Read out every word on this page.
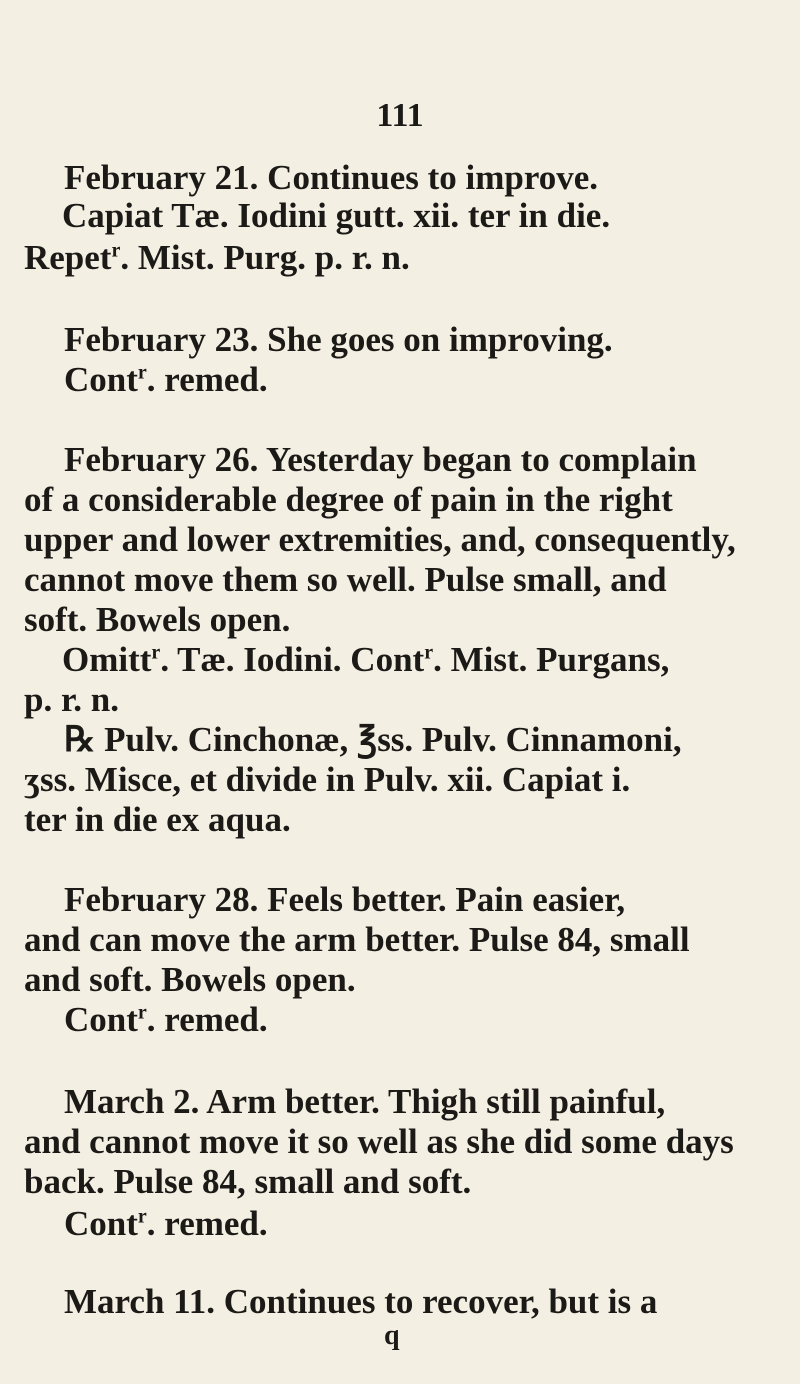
111
February 21. Continues to improve.
Capiat Tæ. Iodini gutt. xii. ter in die.
Repet$^r$. Mist. Purg. p. r. n.
February 23. She goes on improving.
Cont$^r$. remed.
February 26. Yesterday began to complain
of a considerable degree of pain in the right
upper and lower extremities, and, consequently,
cannot move them so well. Pulse small, and
soft. Bowels open.
Omitt$^r$. Tæ. Iodini. Cont$^r$. Mist. Purgans,
p. r. n.
℞ Pulv. Cinchonæ, ℥ss. Pulv. Cinnamoni,
ʒss. Misce, et divide in Pulv. xii. Capiat i.
ter in die ex aqua.
February 28. Feels better. Pain easier,
and can move the arm better. Pulse 84, small
and soft. Bowels open.
Cont$^r$. remed.
March 2. Arm better. Thigh still painful,
and cannot move it so well as she did some days
back. Pulse 84, small and soft.
Cont$^r$. remed.
March 11. Continues to recover, but is a
q
